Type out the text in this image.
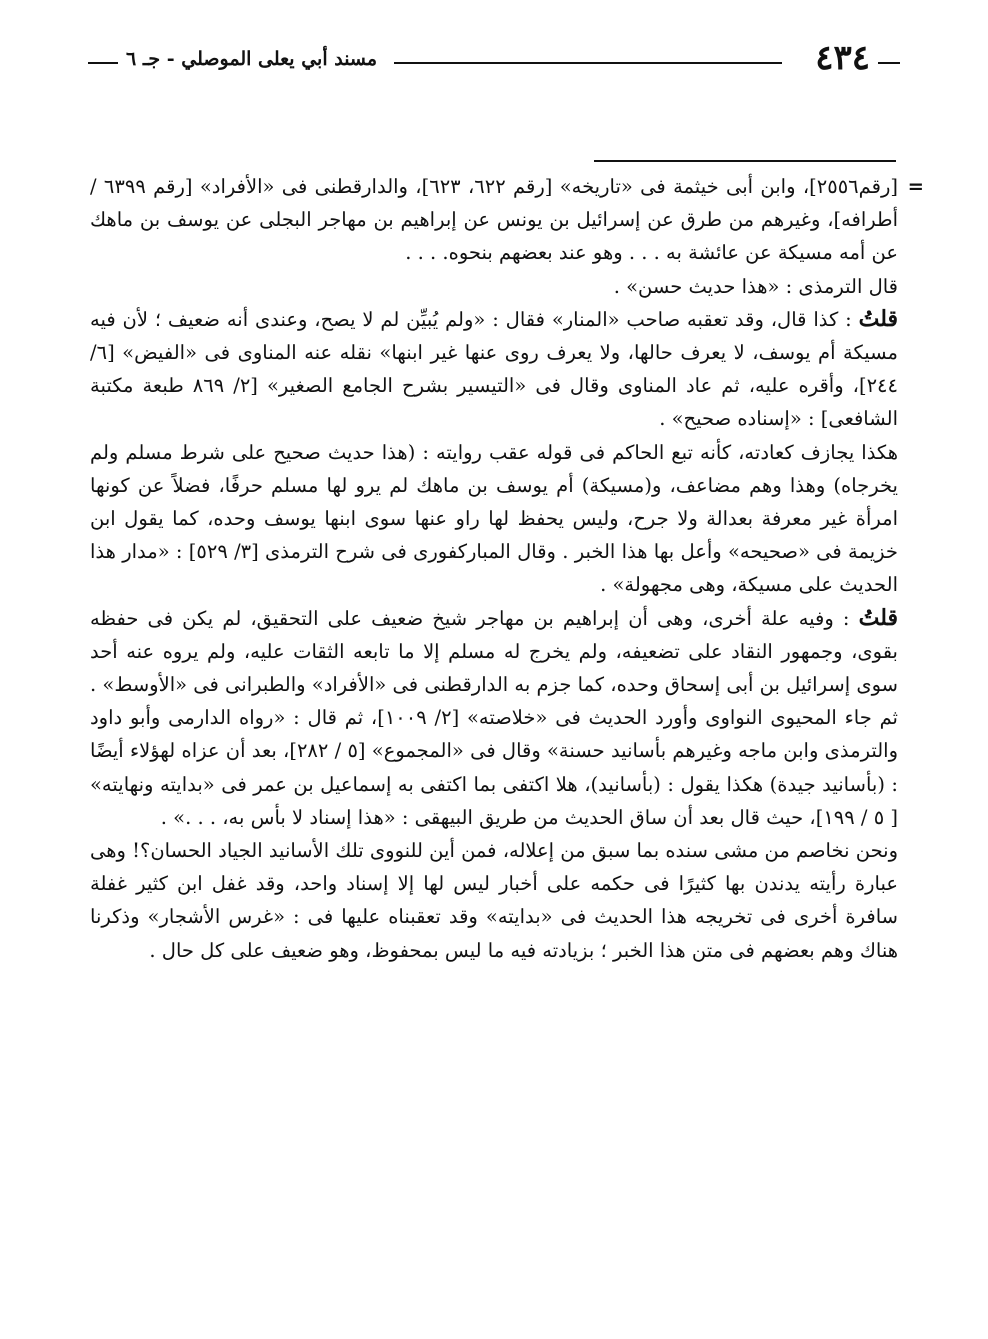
٤٣٤
مسند أبي يعلى الموصلي - جـ ٦
=

[رقم٢٥٥٦]، وابن أبى خيثمة فى «تاريخه» [رقم ٦٢٢، ٦٢٣]، والدارقطنى فى «الأفراد» [رقم ٦٣٩٩ / أطرافه]، وغيرهم من طرق عن إسرائيل بن يونس عن إبراهيم بن مهاجر البجلى عن يوسف بن ماهك عن أمه مسيكة عن عائشة به . . . وهو عند بعضهم بنحوه. . . .

قال الترمذى : «هذا حديث حسن» .

قلتُ : كذا قال، وقد تعقبه صاحب «المنار» فقال : «ولم يُبيِّن لم لا يصح، وعندى أنه ضعيف ؛ لأن فيه مسيكة أم يوسف، لا يعرف حالها، ولا يعرف روى عنها غير ابنها» نقله عنه المناوى فى «الفيض» [٦/ ٢٤٤]، وأقره عليه، ثم عاد المناوى وقال فى «التيسير بشرح الجامع الصغير» [٢/ ٨٦٩ طبعة مكتبة الشافعى] : «إسناده صحيح» .

هكذا يجازف كعادته، كأنه تبع الحاكم فى قوله عقب روايته : (هذا حديث صحيح على شرط مسلم ولم يخرجاه) وهذا وهم مضاعف، و(مسيكة) أم يوسف بن ماهك لم يرو لها مسلم حرفًا، فضلاً عن كونها امرأة غير معرفة بعدالة ولا جرح، وليس يحفظ لها راو عنها سوى ابنها يوسف وحده، كما يقول ابن خزيمة فى «صحيحه» وأعل بها هذا الخبر . وقال المباركفورى فى شرح الترمذى [٣/ ٥٢٩] : «مدار هذا الحديث على مسيكة، وهى مجهولة» .

قلتُ : وفيه علة أخرى، وهى أن إبراهيم بن مهاجر شيخ ضعيف على التحقيق، لم يكن فى حفظه بقوى، وجمهور النقاد على تضعيفه، ولم يخرج له مسلم إلا ما تابعه الثقات عليه، ولم يروه عنه أحد سوى إسرائيل بن أبى إسحاق وحده، كما جزم به الدارقطنى فى «الأفراد» والطبرانى فى «الأوسط» . ثم جاء المحيوى النواوى وأورد الحديث فى «خلاصته» [٢/ ١٠٠٩]، ثم قال : «رواه الدارمى وأبو داود والترمذى وابن ماجه وغيرهم بأسانيد حسنة» وقال فى «المجموع» [٥ / ٢٨٢]، بعد أن عزاه لهؤلاء أيضًا : (بأسانيد جيدة) هكذا يقول : (بأسانيد)، هلا اكتفى بما اكتفى به إسماعيل بن عمر فى «بدايته ونهايته» [ ٥ / ١٩٩]، حيث قال بعد أن ساق الحديث من طريق البيهقى : «هذا إسناد لا بأس به، . . .» .

ونحن نخاصم من مشى سنده بما سبق من إعلاله، فمن أين للنووى تلك الأسانيد الجياد الحسان؟! وهى عبارة رأيته يدندن بها كثيرًا فى حكمه على أخبار ليس لها إلا إسناد واحد، وقد غفل ابن كثير غفلة سافرة أخرى فى تخريجه هذا الحديث فى «بدايته» وقد تعقبناه عليها فى : «غرس الأشجار» وذكرنا هناك وهم بعضهم فى متن هذا الخبر ؛ بزيادته فيه ما ليس بمحفوظ، وهو ضعيف على كل حال .
